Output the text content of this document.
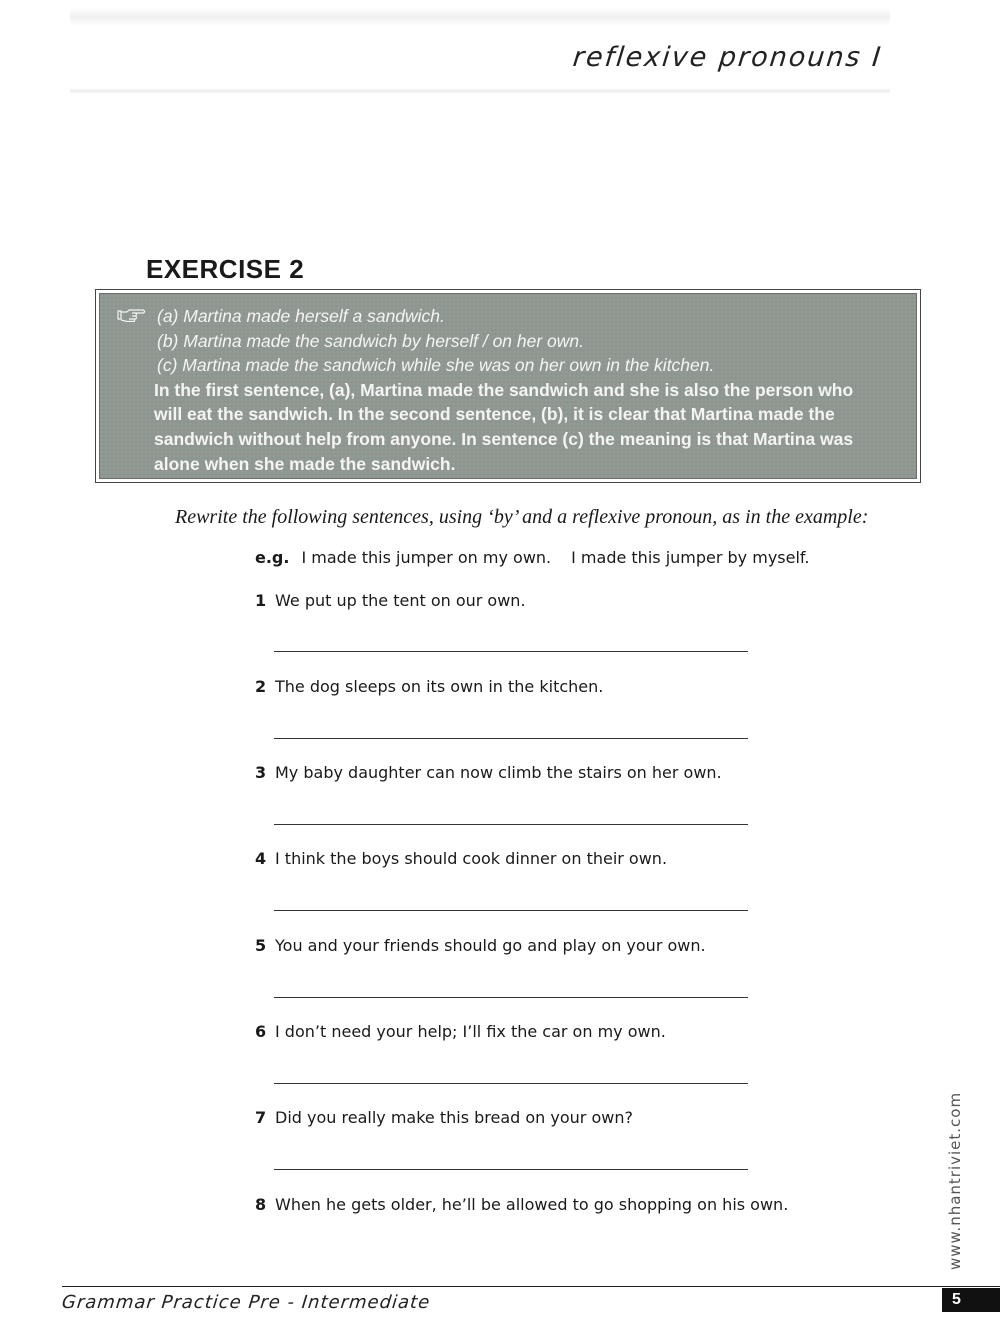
reflexive pronouns I
EXERCISE 2
(a) Martina made herself a sandwich.
(b) Martina made the sandwich by herself / on her own.
(c) Martina made the sandwich while she was on her own in the kitchen.
In the first sentence, (a), Martina made the sandwich and she is also the person who will eat the sandwich. In the second sentence, (b), it is clear that Martina made the sandwich without help from anyone. In sentence (c) the meaning is that Martina was alone when she made the sandwich.
Rewrite the following sentences, using ‘by’ and a reflexive pronoun, as in the example:
e.g. I made this jumper on my own. I made this jumper by myself.
1 We put up the tent on our own.
2 The dog sleeps on its own in the kitchen.
3 My baby daughter can now climb the stairs on her own.
4 I think the boys should cook dinner on their own.
5 You and your friends should go and play on your own.
6 I don’t need your help; I’ll fix the car on my own.
7 Did you really make this bread on your own?
8 When he gets older, he’ll be allowed to go shopping on his own.	www.nhantriviet.com
Grammar Practice Pre - Intermediate	5
